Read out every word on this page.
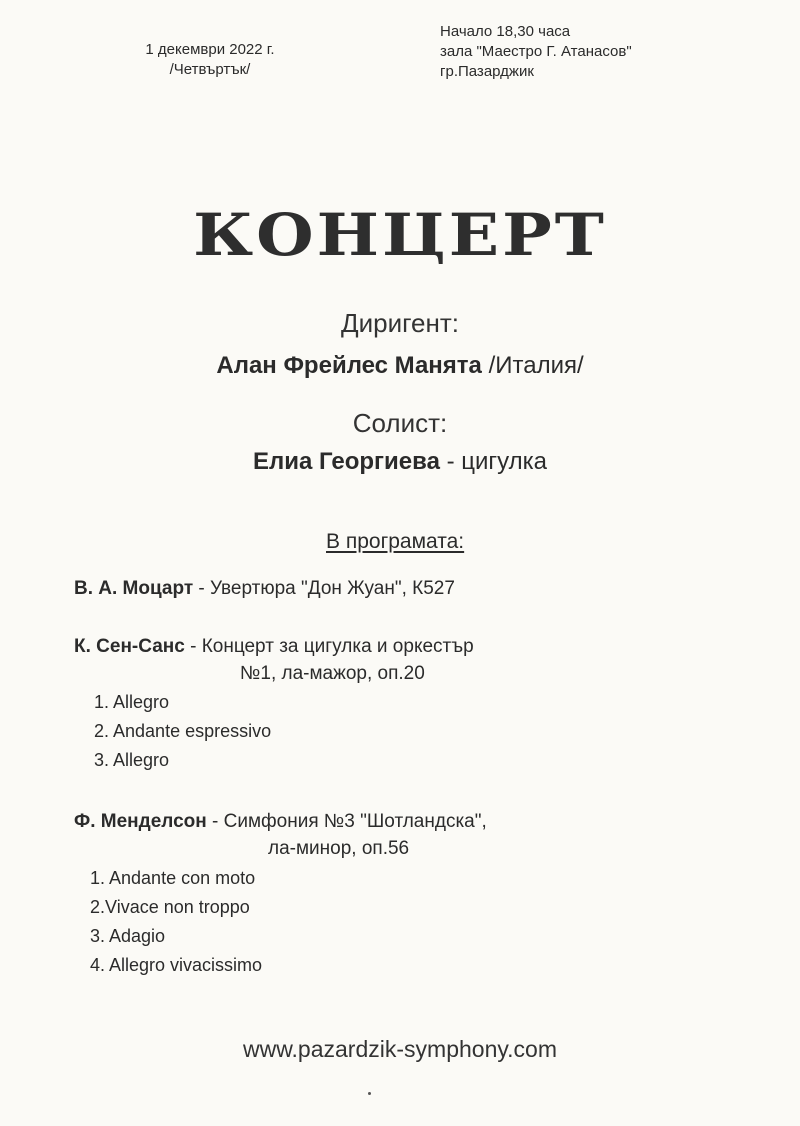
1 декември 2022 г.
/Четвъртък/
Начало 18,30 часа
зала "Маестро Г. Атанасов"
гр.Пазарджик
КОНЦЕРТ
Диригент:
Алан Фрейлес Манята /Италия/
Солист:
Елиа Георгиева - цигулка
В програмата:
В. А. Моцарт - Увертюра "Дон Жуан", К527
К. Сен-Санс - Концерт за цигулка и оркестър
№1, ла-мажор, оп.20
1. Allegro
2. Andante espressivo
3. Allegro
Ф. Менделсон - Симфония №3 "Шотландска",
ла-минор, оп.56
1. Andante con moto
2.Vivace non troppo
3. Adagio
4. Allegro vivacissimo
www.pazardzik-symphony.com
